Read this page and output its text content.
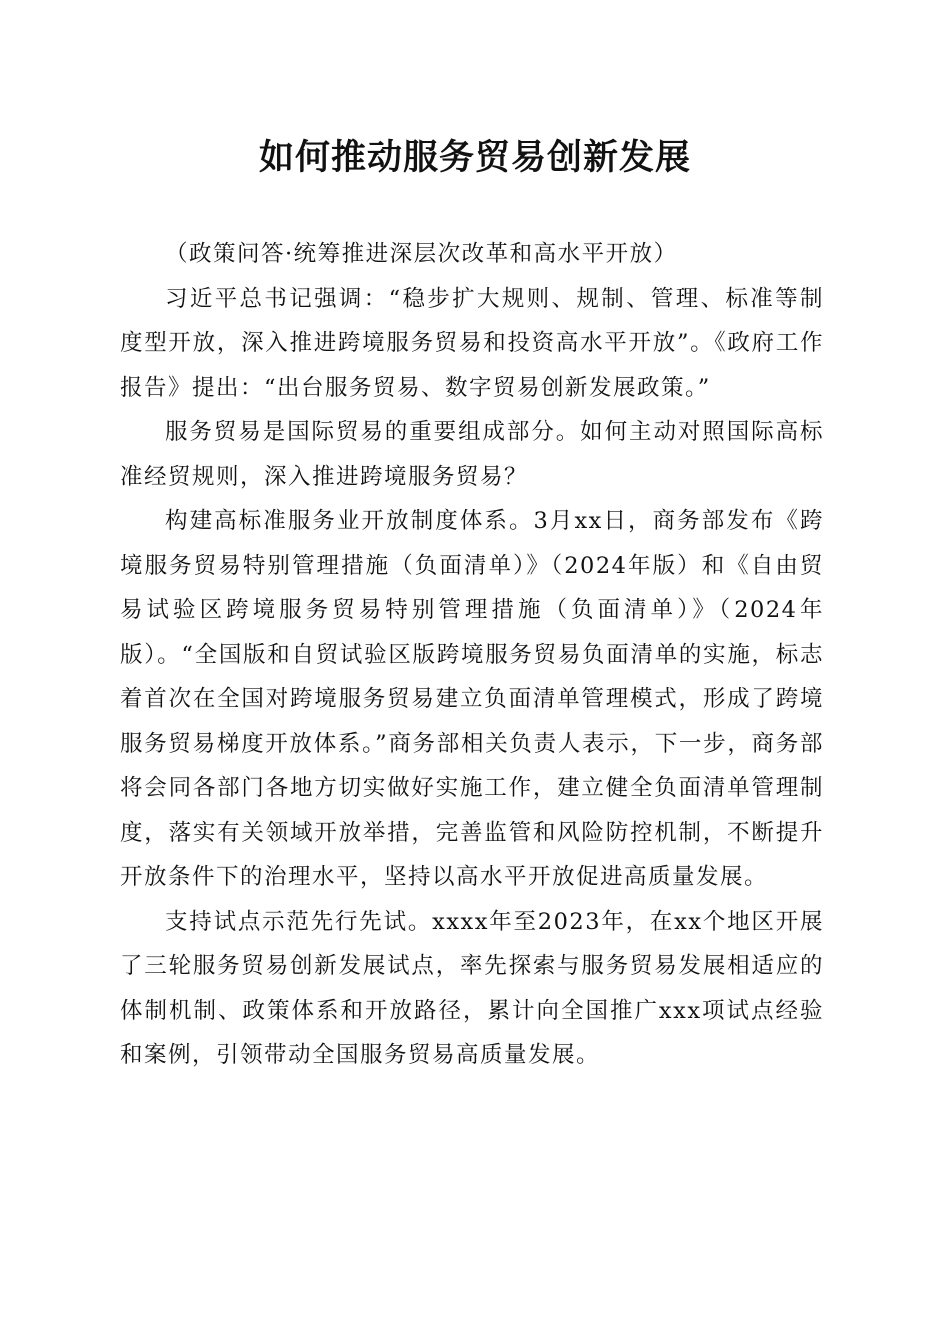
如何推动服务贸易创新发展

（政策问答·统筹推进深层次改革和高水平开放）

习近平总书记强调：“稳步扩大规则、规制、管理、标准等制度型开放，深入推进跨境服务贸易和投资高水平开放”。《政府工作报告》提出：“出台服务贸易、数字贸易创新发展政策。”

服务贸易是国际贸易的重要组成部分。如何主动对照国际高标准经贸规则，深入推进跨境服务贸易？

构建高标准服务业开放制度体系。3月xx日，商务部发布《跨境服务贸易特别管理措施（负面清单）》（2024年版）和《自由贸易试验区跨境服务贸易特别管理措施（负面清单）》（2024年版）。“全国版和自贸试验区版跨境服务贸易负面清单的实施，标志着首次在全国对跨境服务贸易建立负面清单管理模式，形成了跨境服务贸易梯度开放体系。”商务部相关负责人表示，下一步，商务部将会同各部门各地方切实做好实施工作，建立健全负面清单管理制度，落实有关领域开放举措，完善监管和风险防控机制，不断提升开放条件下的治理水平，坚持以高水平开放促进高质量发展。

支持试点示范先行先试。xxxx年至2023年，在xx个地区开展了三轮服务贸易创新发展试点，率先探索与服务贸易发展相适应的体制机制、政策体系和开放路径，累计向全国推广xxx项试点经验和案例，引领带动全国服务贸易高质量发展。
